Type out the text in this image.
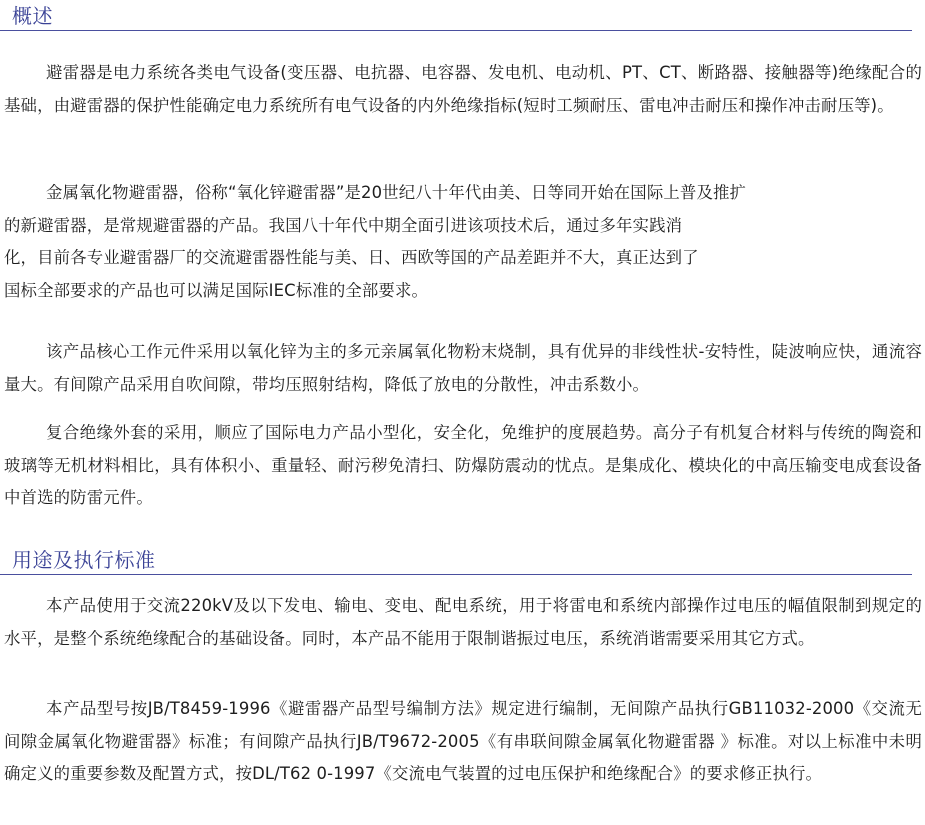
概述

避雷器是电力系统各类电气设备(变压器、电抗器、电容器、发电机、电动机、PT、CT、断路器、接触器等)绝缘配合的基础，由避雷器的保护性能确定电力系统所有电气设备的内外绝缘指标(短时工频耐压、雷电冲击耐压和操作冲击耐压等)。

金属氧化物避雷器，俗称“氧化锌避雷器”是20世纪八十年代由美、日等同开始在国际上普及推扩
的新避雷器，是常规避雷器的产品。我国八十年代中期全面引进该项技术后，通过多年实践消
化，目前各专业避雷器厂的交流避雷器性能与美、日、西欧等国的产品差距并不大，真正达到了
国标全部要求的产品也可以满足国际IEC标准的全部要求。

该产品核心工作元件采用以氧化锌为主的多元亲属氧化物粉末烧制，具有优异的非线性状-安特性，陡波响应快，通流容量大。有间隙产品采用自吹间隙，带均压照射结构，降低了放电的分散性，冲击系数小。

复合绝缘外套的采用，顺应了国际电力产品小型化，安全化，免维护的度展趋势。高分子有机复合材料与传统的陶瓷和玻璃等无机材料相比，具有体积小、重量轻、耐污秽免清扫、防爆防震动的忧点。是集成化、模块化的中高压输变电成套设备中首选的防雷元件。

用途及执行标准

本产品使用于交流220kV及以下发电、输电、变电、配电系统，用于将雷电和系统内部操作过电压的幅值限制到规定的水平，是整个系统绝缘配合的基础设备。同时，本产品不能用于限制谐振过电压，系统消谐需要采用其它方式。

本产品型号按JB/T8459-1996《避雷器产品型号编制方法》规定进行编制，无间隙产品执行GB11032-2000《交流无间隙金属氧化物避雷器》标准；有间隙产品执行JB/T9672-2005《有串联间隙金属氧化物避雷器 》标准。对以上标准中未明确定义的重要参数及配置方式，按DL/T62 0-1997《交流电气装置的过电压保护和绝缘配合》的要求修正执行。
